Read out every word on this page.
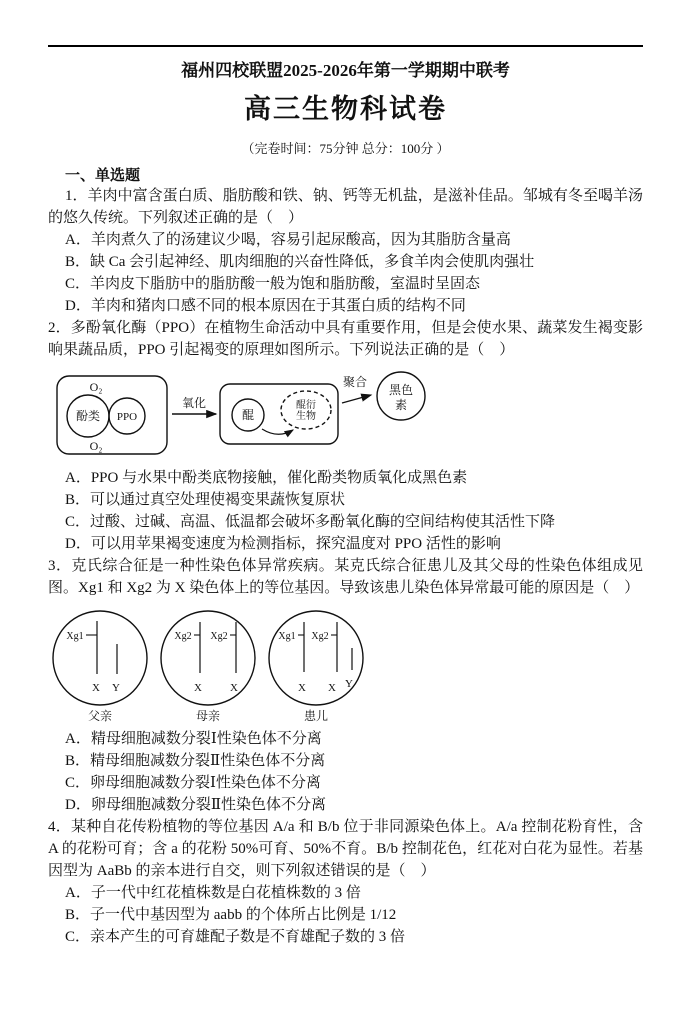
福州四校联盟2025-2026年第一学期期中联考
高三生物科试卷
（完卷时间：75分钟 总分：100分 ）
一、单选题

1．羊肉中富含蛋白质、脂肪酸和铁、钠、钙等无机盐，是滋补佳品。邹城有冬至喝羊汤的悠久传统。下列叙述正确的是（　）

A．羊肉煮久了的汤建议少喝，容易引起尿酸高，因为其脂肪含量高

B．缺 Ca 会引起神经、肌肉细胞的兴奋性降低，多食羊肉会使肌肉强壮

C．羊肉皮下脂肪中的脂肪酸一般为饱和脂肪酸，室温时呈固态

D．羊肉和猪肉口感不同的根本原因在于其蛋白质的结构不同

2．多酚氧化酶（PPO）在植物生命活动中具有重要作用，但是会使水果、蔬菜发生褐变影响果蔬品质，PPO 引起褐变的原理如图所示。下列说法正确的是（　）

O₂
酚类 PPO
O₂
氧化
醌
醌衍
生物
聚合
黑色
素

A．PPO 与水果中酚类底物接触，催化酚类物质氧化成黑色素

B．可以通过真空处理使褐变果蔬恢复原状

C．过酸、过碱、高温、低温都会破坏多酚氧化酶的空间结构使其活性下降

D．可以用苹果褐变速度为检测指标，探究温度对 PPO 活性的影响

3．克氏综合征是一种性染色体异常疾病。某克氏综合征患儿及其父母的性染色体组成见图。Xg1 和 Xg2 为 X 染色体上的等位基因。导致该患儿染色体异常最可能的原因是（　）

Xg1
X Y
父亲
Xg2 Xg2
X	X
母亲
Xg1 Xg2
X X Y
患儿

A．精母细胞减数分裂Ⅰ性染色体不分离

B．精母细胞减数分裂Ⅱ性染色体不分离

C．卵母细胞减数分裂Ⅰ性染色体不分离

D．卵母细胞减数分裂Ⅱ性染色体不分离

4．某种自花传粉植物的等位基因 A/a 和 B/b 位于非同源染色体上。A/a 控制花粉育性，含 A 的花粉可育；含 a 的花粉 50%可育、50%不育。B/b 控制花色，红花对白花为显性。若基因型为 AaBb 的亲本进行自交，则下列叙述错误的是（　）

A．子一代中红花植株数是白花植株数的 3 倍

B．子一代中基因型为 aabb 的个体所占比例是 1/12

C．亲本产生的可育雄配子数是不育雄配子数的 3 倍
